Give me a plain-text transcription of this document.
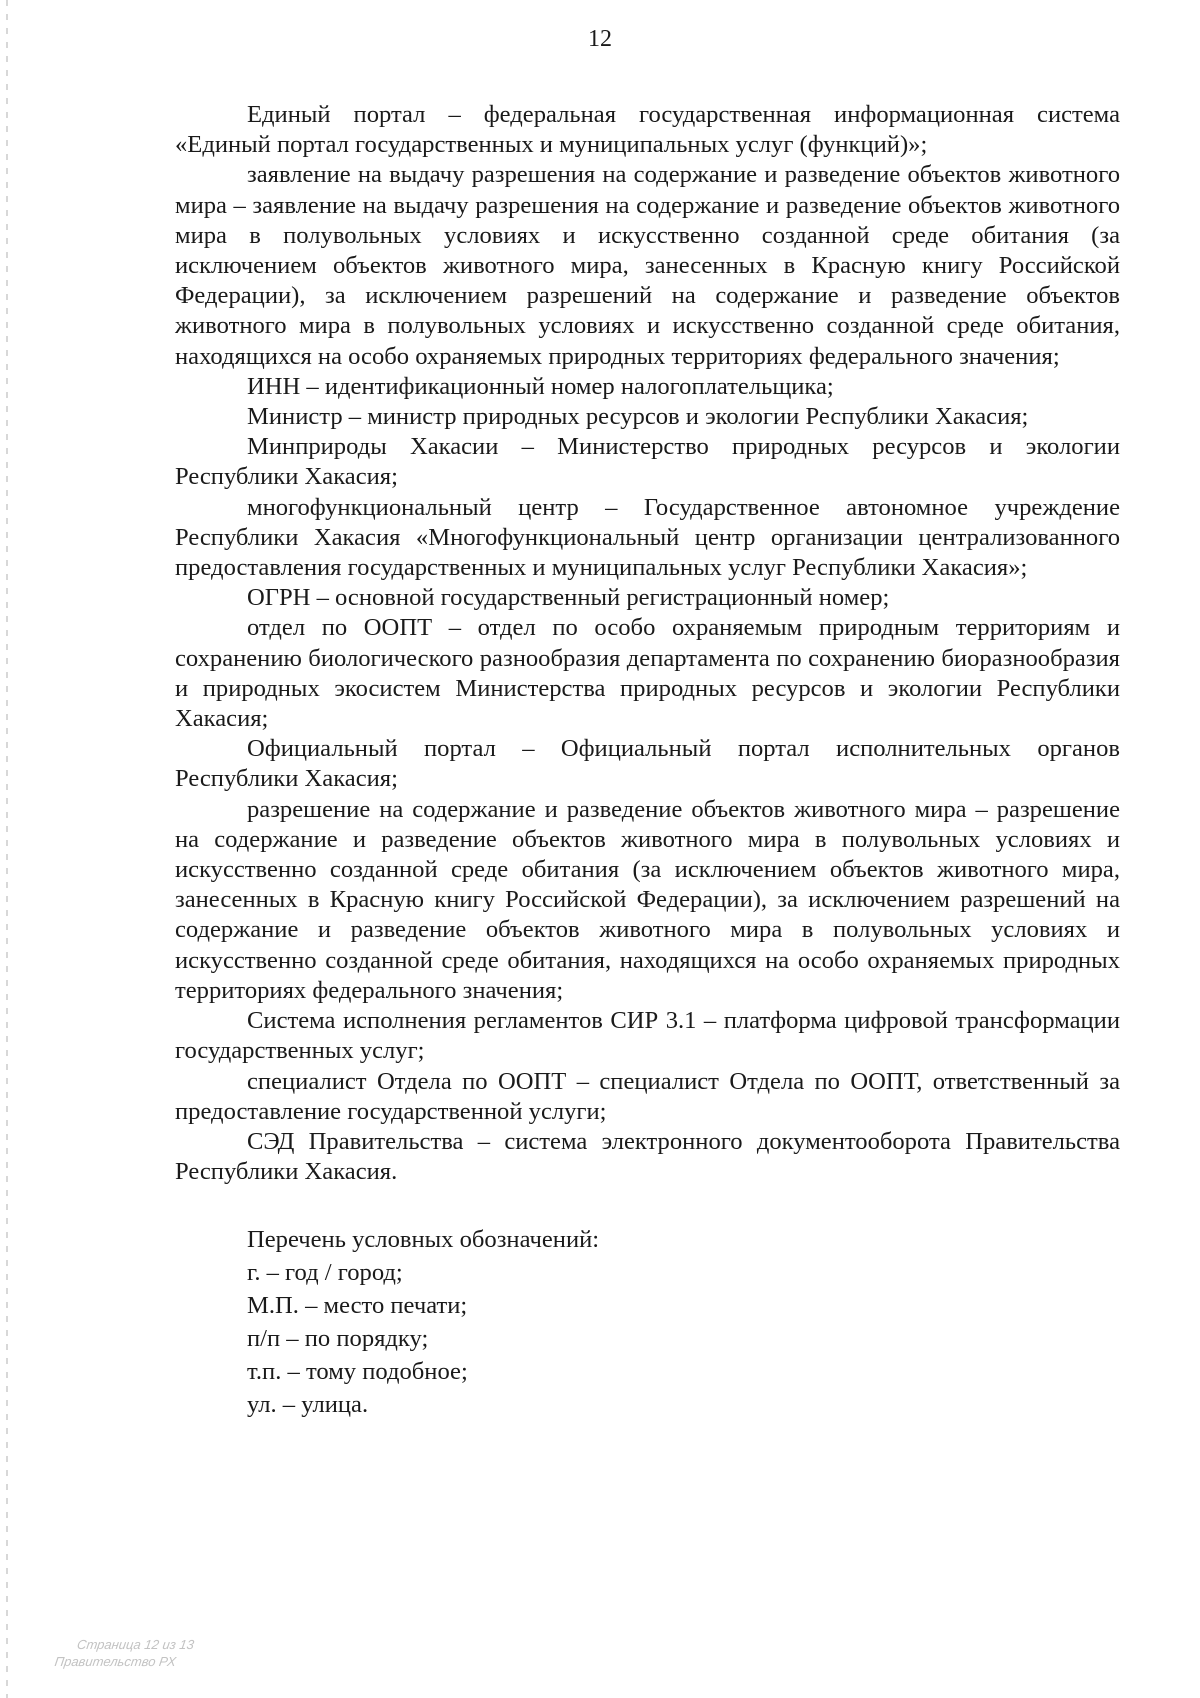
12

Единый портал – федеральная государственная информационная система «Единый портал государственных и муниципальных услуг (функций)»;

заявление на выдачу разрешения на содержание и разведение объектов животного мира – заявление на выдачу разрешения на содержание и разведение объектов животного мира в полувольных условиях и искусственно созданной среде обитания (за исключением объектов животного мира, занесенных в Красную книгу Российской Федерации), за исключением разрешений на содержание и разведение объектов животного мира в полувольных условиях и искусственно созданной среде обитания, находящихся на особо охраняемых природных территориях федерального значения;

ИНН – идентификационный номер налогоплательщика;

Министр – министр природных ресурсов и экологии Республики Хакасия;

Минприроды Хакасии – Министерство природных ресурсов и экологии Республики Хакасия;

многофункциональный центр – Государственное автономное учреждение Республики Хакасия «Многофункциональный центр организации централизованного предоставления государственных и муниципальных услуг Республики Хакасия»;

ОГРН – основной государственный регистрационный номер;

отдел по ООПТ – отдел по особо охраняемым природным территориям и сохранению биологического разнообразия департамента по сохранению биоразнообразия и природных экосистем Министерства природных ресурсов и экологии Республики Хакасия;

Официальный портал – Официальный портал исполнительных органов Республики Хакасия;

разрешение на содержание и разведение объектов животного мира – разрешение на содержание и разведение объектов животного мира в полувольных условиях и искусственно созданной среде обитания (за исключением объектов животного мира, занесенных в Красную книгу Российской Федерации), за исключением разрешений на содержание и разведение объектов животного мира в полувольных условиях и искусственно созданной среде обитания, находящихся на особо охраняемых природных территориях федерального значения;

Система исполнения регламентов СИР 3.1 – платформа цифровой трансформации государственных услуг;

специалист Отдела по ООПТ – специалист Отдела по ООПТ, ответственный за предоставление государственной услуги;

СЭД Правительства – система электронного документооборота Правительства Республики Хакасия.

Перечень условных обозначений:

г. – год / город;

М.П. – место печати;

п/п – по порядку;

т.п. – тому подобное;

ул. – улица.

Страница 12 из 13
Правительство РХ
